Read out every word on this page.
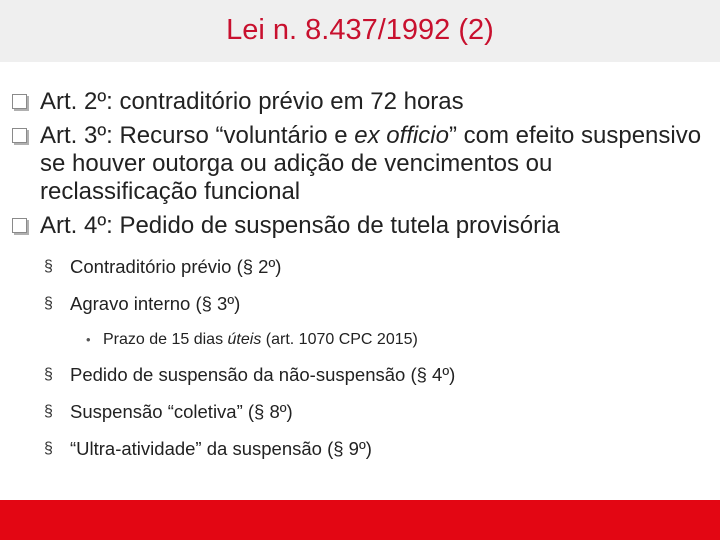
Lei n. 8.437/1992 (2)
Art. 2º: contraditório prévio em 72 horas
Art. 3º: Recurso “voluntário e ex officio” com efeito suspensivo se houver outorga ou adição de vencimentos ou reclassificação funcional
Art. 4º: Pedido de suspensão de tutela provisória
§ Contraditório prévio (§ 2º)
§ Agravo interno (§ 3º)
• Prazo de 15 dias úteis (art. 1070 CPC 2015)
§ Pedido de suspensão da não-suspensão (§ 4º)
§ Suspensão “coletiva” (§ 8º)
§ “Ultra-atividade” da suspensão (§ 9º)
